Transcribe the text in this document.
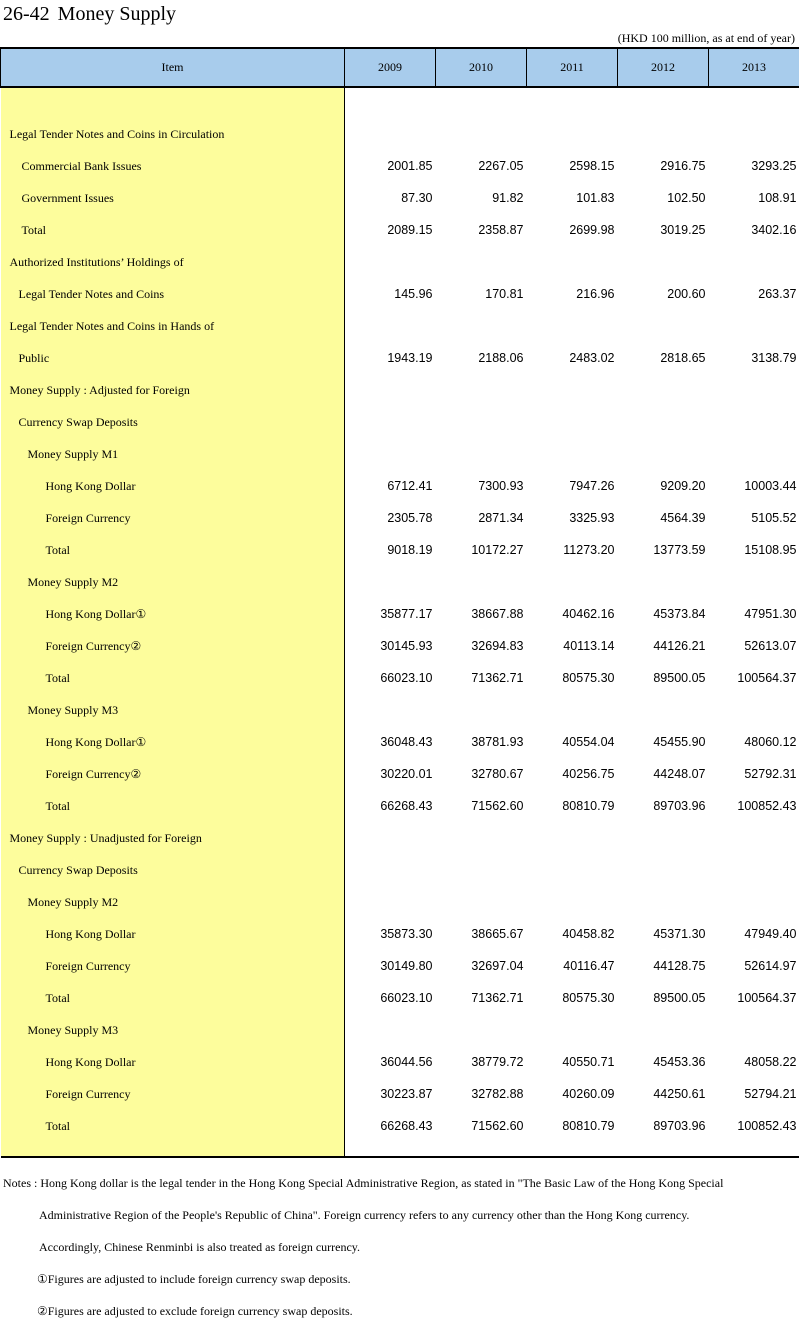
26-42 Money Supply
(HKD 100 million, as at end of year)
Item	2009	2010	2011	2012	2013

Legal Tender Notes and Coins in Circulation					
Commercial Bank Issues	2001.85	2267.05	2598.15	2916.75	3293.25
Government Issues	87.30	91.82	101.83	102.50	108.91
Total	2089.15	2358.87	2699.98	3019.25	3402.16
Authorized Institutions’ Holdings of					
Legal Tender Notes and Coins	145.96	170.81	216.96	200.60	263.37
Legal Tender Notes and Coins in Hands of					
Public	1943.19	2188.06	2483.02	2818.65	3138.79
Money Supply : Adjusted for Foreign					
Currency Swap Deposits					
Money Supply M1					
Hong Kong Dollar	6712.41	7300.93	7947.26	9209.20	10003.44
Foreign Currency	2305.78	2871.34	3325.93	4564.39	5105.52
Total	9018.19	10172.27	11273.20	13773.59	15108.95
Money Supply M2					
Hong Kong Dollar①	35877.17	38667.88	40462.16	45373.84	47951.30
Foreign Currency②	30145.93	32694.83	40113.14	44126.21	52613.07
Total	66023.10	71362.71	80575.30	89500.05	100564.37
Money Supply M3					
Hong Kong Dollar①	36048.43	38781.93	40554.04	45455.90	48060.12
Foreign Currency②	30220.01	32780.67	40256.75	44248.07	52792.31
Total	66268.43	71562.60	80810.79	89703.96	100852.43
Money Supply : Unadjusted for Foreign					
Currency Swap Deposits					
Money Supply M2					
Hong Kong Dollar	35873.30	38665.67	40458.82	45371.30	47949.40
Foreign Currency	30149.80	32697.04	40116.47	44128.75	52614.97
Total	66023.10	71362.71	80575.30	89500.05	100564.37
Money Supply M3					
Hong Kong Dollar	36044.56	38779.72	40550.71	45453.36	48058.22
Foreign Currency	30223.87	32782.88	40260.09	44250.61	52794.21
Total	66268.43	71562.60	80810.79	89703.96	100852.43

Notes : Hong Kong dollar is the legal tender in the Hong Kong Special Administrative Region, as stated in "The Basic Law of the Hong Kong Special
Administrative Region of the People's Republic of China". Foreign currency refers to any currency other than the Hong Kong currency.
Accordingly, Chinese Renminbi is also treated as foreign currency.
①Figures are adjusted to include foreign currency swap deposits.
②Figures are adjusted to exclude foreign currency swap deposits.
